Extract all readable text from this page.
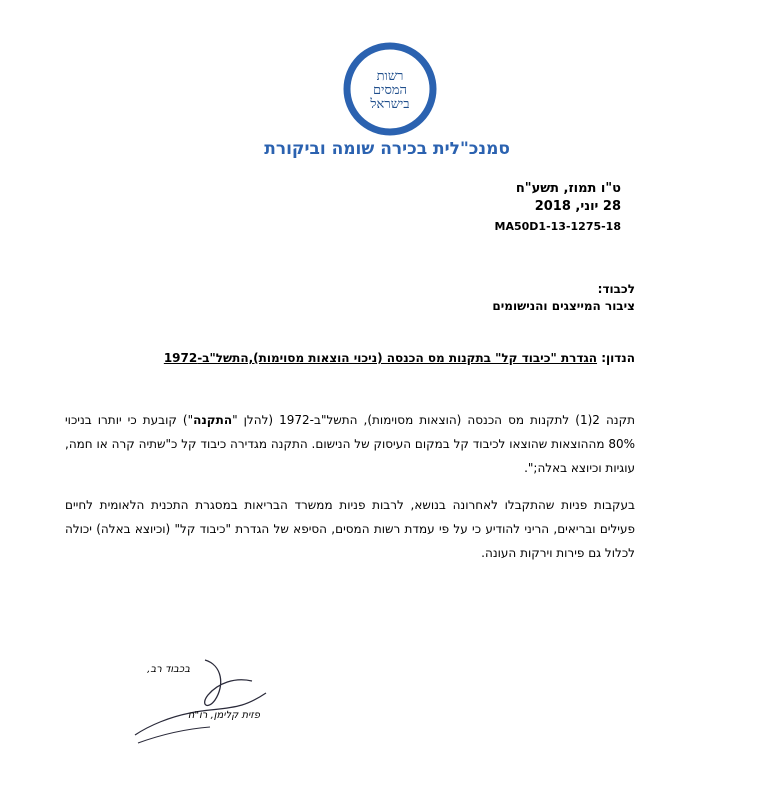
רשות
המסים
בישראל
סמנכ"לית בכירה שומה וביקורת
ט"ו תמוז, תשע"ח
28 יוני, 2018
MA50D1-13-1275-18
לכבוד:
ציבור המייצגים והנישומים
הנדון: הגדרת "כיבוד קל" בתקנות מס הכנסה (ניכוי הוצאות מסוימות),התשל"ב-1972
תקנה 2(1) לתקנות מס הכנסה (הוצאות מסוימות), התשל"ב-1972 (להלן "התקנה") קובעת כי יותרו בניכוי 80% מההוצאות שהוצאו לכיבוד קל במקום העיסוק של הנישום. התקנה מגדירה כיבוד קל כ"שתיה קרה או חמה, עוגיות וכיוצא באלה;".
בעקבות פניות שהתקבלו לאחרונה בנושא, לרבות פניות ממשרד הבריאות במסגרת התכנית הלאומית לחיים פעילים ובריאים, הריני להודיע כי על פי עמדת רשות המסים, הסיפא של הגדרת "כיבוד קל" (וכיוצא באלה) יכולה לכלול גם פירות וירקות העונה.
בכבוד רב,
פזית קלימן, רו"ח
